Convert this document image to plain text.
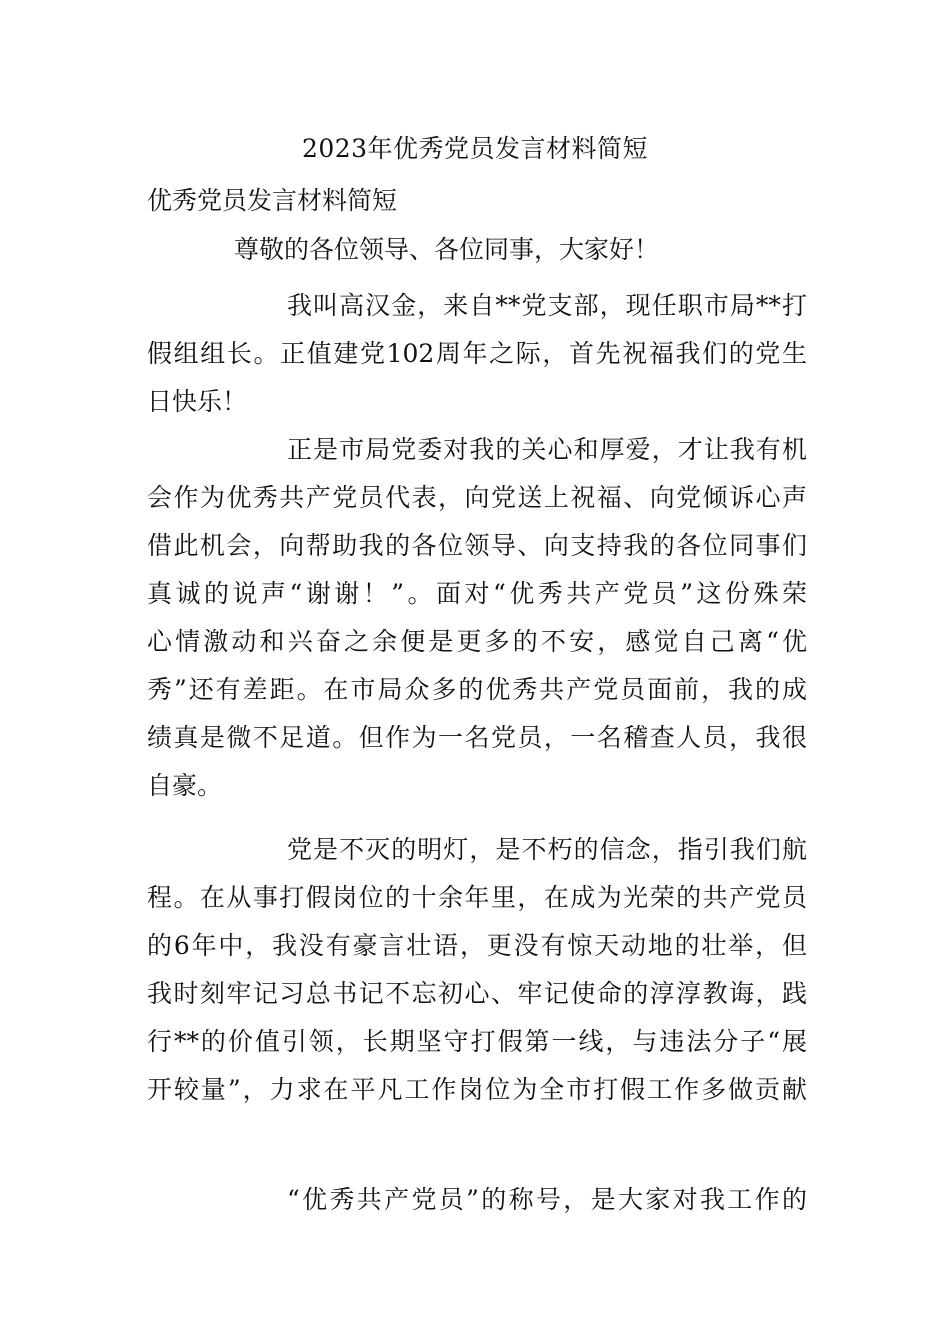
2023年优秀党员发言材料简短
优秀党员发言材料简短
尊敬的各位领导、各位同事，大家好！
我叫高汉金，来自**党支部，现任职市局**打
假组组长。正值建党102周年之际，首先祝福我们的党生
日快乐！
正是市局党委对我的关心和厚爱，才让我有机
会作为优秀共产党员代表，向党送上祝福、向党倾诉心声
借此机会，向帮助我的各位领导、向支持我的各位同事们
真诚的说声“谢谢！”。面对“优秀共产党员”这份殊荣
心情激动和兴奋之余便是更多的不安，感觉自己离“优
秀”还有差距。在市局众多的优秀共产党员面前，我的成
绩真是微不足道。但作为一名党员，一名稽查人员，我很
自豪。
党是不灭的明灯，是不朽的信念，指引我们航
程。在从事打假岗位的十余年里，在成为光荣的共产党员
的6年中，我没有豪言壮语，更没有惊天动地的壮举，但
我时刻牢记习总书记不忘初心、牢记使命的淳淳教诲，践
行**的价值引领，长期坚守打假第一线，与违法分子“展
开较量”，力求在平凡工作岗位为全市打假工作多做贡献
“优秀共产党员”的称号，是大家对我工作的
